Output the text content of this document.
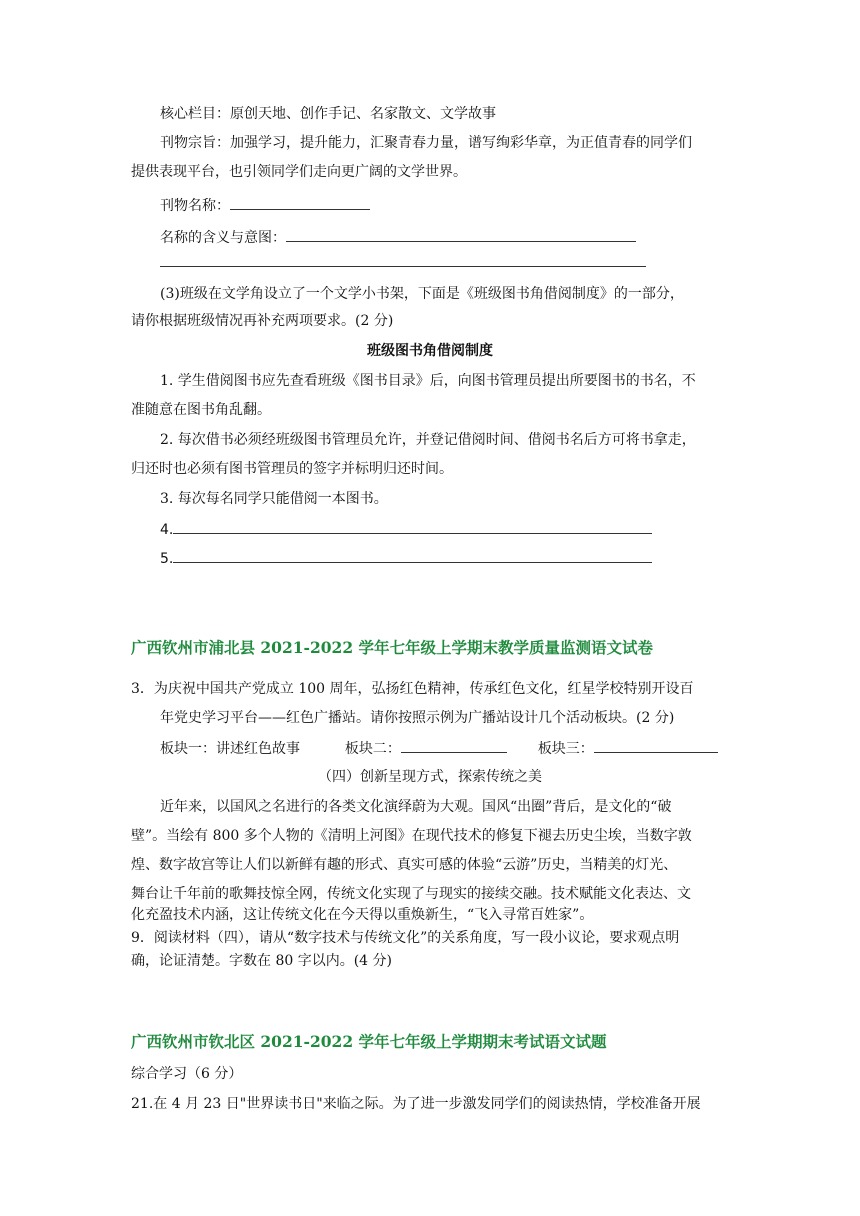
核心栏目：原创天地、创作手记、名家散文、文学故事
刊物宗旨：加强学习，提升能力，汇聚青春力量，谱写绚彩华章，为正值青春的同学们
提供表现平台，也引领同学们走向更广阔的文学世界。
刊物名称：
名称的含义与意图：
(3)班级在文学角设立了一个文学小书架，下面是《班级图书角借阅制度》的一部分，
请你根据班级情况再补充两项要求。(2 分)
班级图书角借阅制度
1. 学生借阅图书应先查看班级《图书目录》后，向图书管理员提出所要图书的书名，不
准随意在图书角乱翻。
2. 每次借书必须经班级图书管理员允许，并登记借阅时间、借阅书名后方可将书拿走，
归还时也必须有图书管理员的签字并标明归还时间。
3. 每次每名同学只能借阅一本图书。
4.
5.
广西钦州市浦北县 2021-2022 学年七年级上学期末教学质量监测语文试卷
3．为庆祝中国共产党成立 100 周年，弘扬红色精神，传承红色文化，红星学校特别开设百
年党史学习平台——红色广播站。请你按照示例为广播站设计几个活动板块。(2 分)
板块一：讲述红色故事	板块二：	板块三：
（四）创新呈现方式，探索传统之美
近年来，以国风之名进行的各类文化演绎蔚为大观。国风“出圈”背后，是文化的“破
壁”。当绘有 800 多个人物的《清明上河图》在现代技术的修复下褪去历史尘埃，当数字敦
煌、数字故宫等让人们以新鲜有趣的形式、真实可感的体验“云游”历史，当精美的灯光、
舞台让千年前的歌舞技惊全网，传统文化实现了与现实的接续交融。技术赋能文化表达、文
化充盈技术内涵，这让传统文化在今天得以重焕新生，“飞入寻常百姓家”。
9．阅读材料（四），请从“数字技术与传统文化”的关系角度，写一段小议论，要求观点明
确，论证清楚。字数在 80 字以内。(4 分)
广西钦州市钦北区 2021-2022 学年七年级上学期期末考试语文试题
综合学习（6 分）
21.在 4 月 23 日"世界读书日"来临之际。为了进一步激发同学们的阅读热情，学校准备开展
